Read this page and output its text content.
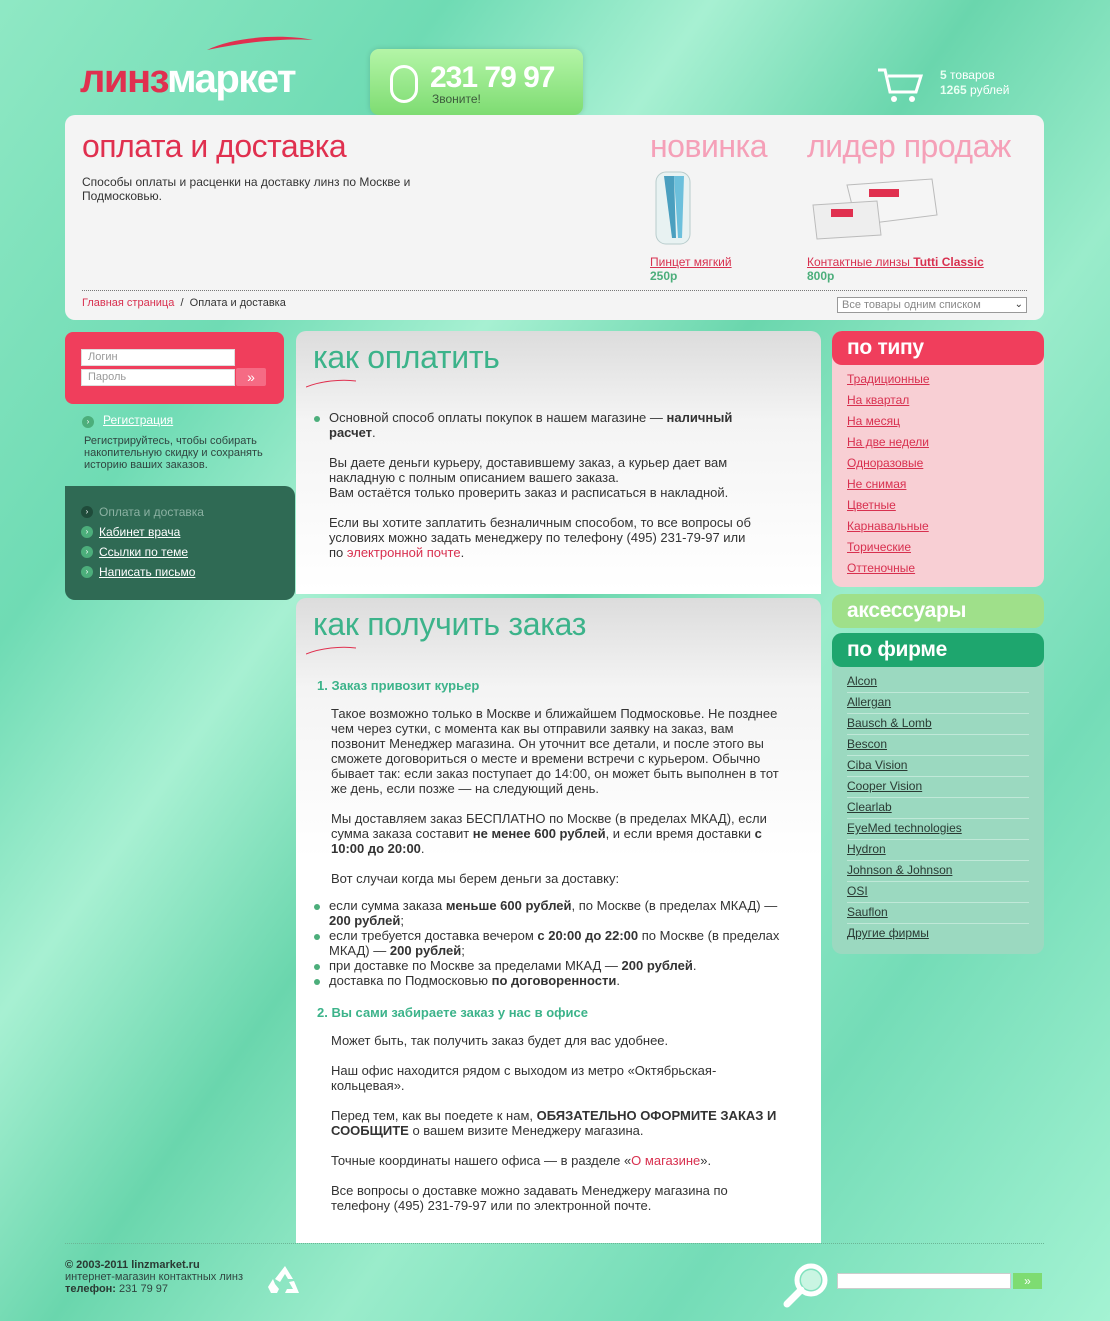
линзмаркет	231 79 97
Звоните!
5 товаров
1265 рублей
оплата и доставка
Способы оплаты и расценки на доставку линз по Москве и Подмосковью.
новинка
Пинцет мягкий
250р
лидер продаж
Контактные линзы Tutti Classic
800р
Главная страница / Оплата и доставка	Все товары одним списком	⌄
Логин
Пароль	»
›	Регистрация
Регистрируйтесь, чтобы собирать накопительную скидку и сохранять историю ваших заказов.
› Оплата и доставка
› Кабинет врача
› Ссылки по теме
› Написать письмо
как оплатить

Основной способ оплаты покупок в нашем магазине — наличный расчет.

Вы даете деньги курьеру, доставившему заказ, а курьер дает вам накладную с полным описанием вашего заказа.

Вам остаётся только проверить заказ и расписаться в накладной.

Если вы хотите заплатить безналичным способом, то все вопросы об условиях можно задать менеджеру по телефону (495) 231-79-97 или по электронной почте.

как получить заказ
1. Заказ привозит курьер

Такое возможно только в Москве и ближайшем Подмосковье. Не позднее чем через сутки, с момента как вы отправили заявку на заказ, вам позвонит Менеджер магазина. Он уточнит все детали, и после этого вы сможете договориться о месте и времени встречи с курьером. Обычно бывает так: если заказ поступает до 14:00, он может быть выполнен в тот же день, если позже — на следующий день.

Мы доставляем заказ БЕСПЛАТНО по Москве (в пределах МКАД), если сумма заказа составит не менее 600 рублей, и если время доставки с 10:00 до 20:00.

Вот случаи когда мы берем деньги за доставку:

если сумма заказа меньше 600 рублей, по Москве (в пределах МКАД) — 200 рублей;

если требуется доставка вечером с 20:00 до 22:00 по Москве (в пределах МКАД) — 200 рублей;

при доставке по Москве за пределами МКАД — 200 рублей.

доставка по Подмосковью по договоренности.

2. Вы сами забираете заказ у нас в офисе

Может быть, так получить заказ будет для вас удобнее.

Наш офис находится рядом с выходом из метро «Октябрьская-кольцевая».

Перед тем, как вы поедете к нам, ОБЯЗАТЕЛЬНО ОФОРМИТЕ ЗАКАЗ И СООБЩИТЕ о вашем визите Менеджеру магазина.

Точные координаты нашего офиса — в разделе «О магазине».

Все вопросы о доставке можно задавать Менеджеру магазина по телефону (495) 231-79-97 или по электронной почте.

по типу
Традиционные
На квартал
На месяц
На две недели
Одноразовые
Не снимая
Цветные
Карнавальные
Торические
Оттеночные
аксессуары
по фирме
Alcon
Allergan
Bausch & Lomb
Bescon
Ciba Vision
Cooper Vision
Clearlab
EyeMed technologies
Hydron
Johnson & Johnson
OSI
Sauflon
Другие фирмы
© 2003-2011 linzmarket.ru
интернет-магазин контактных линз
телефон: 231 79 97
»
